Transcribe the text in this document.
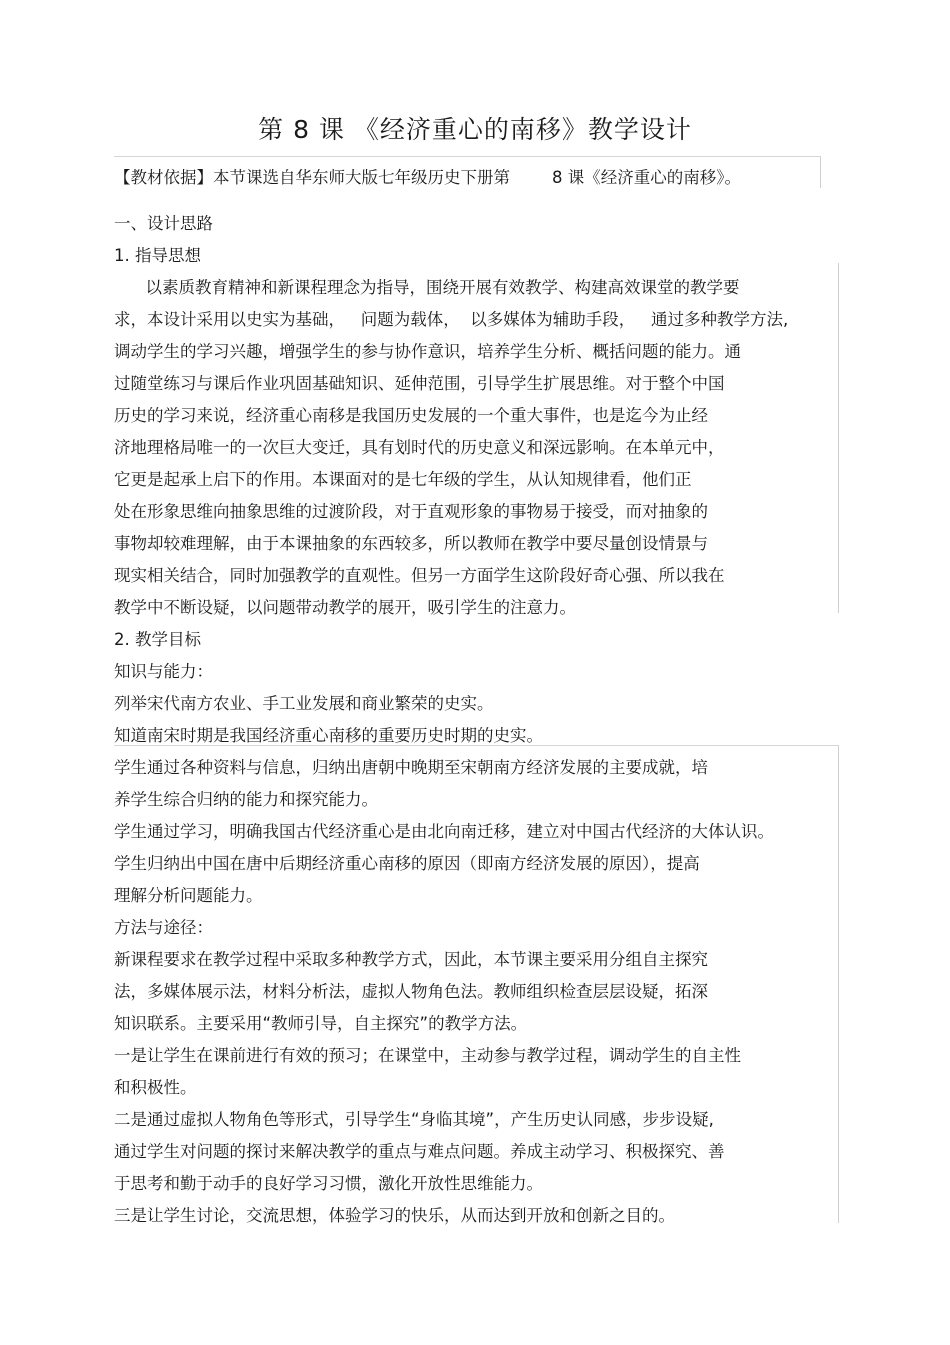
第 8 课 《经济重心的南移》教学设计
【教材依据】本节课选自华东师大版七年级历史下册第        8 课《经济重心的南移》。
一、设计思路
1. 指导思想
以素质教育精神和新课程理念为指导，围绕开展有效教学、构建高效课堂的教学要
求，本设计采用以史实为基础，   问题为载体，  以多媒体为辅助手段，   通过多种教学方法,
调动学生的学习兴趣，增强学生的参与协作意识，培养学生分析、概括问题的能力。通
过随堂练习与课后作业巩固基础知识、延伸范围，引导学生扩展思维。对于整个中国
历史的学习来说，经济重心南移是我国历史发展的一个重大事件，也是迄今为止经
济地理格局唯一的一次巨大变迁，具有划时代的历史意义和深远影响。在本单元中，
它更是起承上启下的作用。本课面对的是七年级的学生，从认知规律看，他们正
处在形象思维向抽象思维的过渡阶段，对于直观形象的事物易于接受，而对抽象的
事物却较难理解，由于本课抽象的东西较多，所以教师在教学中要尽量创设情景与
现实相关结合，同时加强教学的直观性。但另一方面学生这阶段好奇心强、所以我在
教学中不断设疑，以问题带动教学的展开，吸引学生的注意力。
2. 教学目标
知识与能力：
列举宋代南方农业、手工业发展和商业繁荣的史实。
知道南宋时期是我国经济重心南移的重要历史时期的史实。
学生通过各种资料与信息，归纳出唐朝中晚期至宋朝南方经济发展的主要成就，培
养学生综合归纳的能力和探究能力。
学生通过学习，明确我国古代经济重心是由北向南迁移，建立对中国古代经济的大体认识。
学生归纳出中国在唐中后期经济重心南移的原因（即南方经济发展的原因），提高
理解分析问题能力。
方法与途径：
新课程要求在教学过程中采取多种教学方式，因此，本节课主要采用分组自主探究
法，多媒体展示法，材料分析法，虚拟人物角色法。教师组织检查层层设疑，拓深
知识联系。主要采用“教师引导，自主探究”的教学方法。
一是让学生在课前进行有效的预习；在课堂中，主动参与教学过程，调动学生的自主性
和积极性。
二是通过虚拟人物角色等形式，引导学生“身临其境”，产生历史认同感，步步设疑,
通过学生对问题的探讨来解决教学的重点与难点问题。养成主动学习、积极探究、善
于思考和勤于动手的良好学习习惯，激化开放性思维能力。
三是让学生讨论，交流思想，体验学习的快乐，从而达到开放和创新之目的。
